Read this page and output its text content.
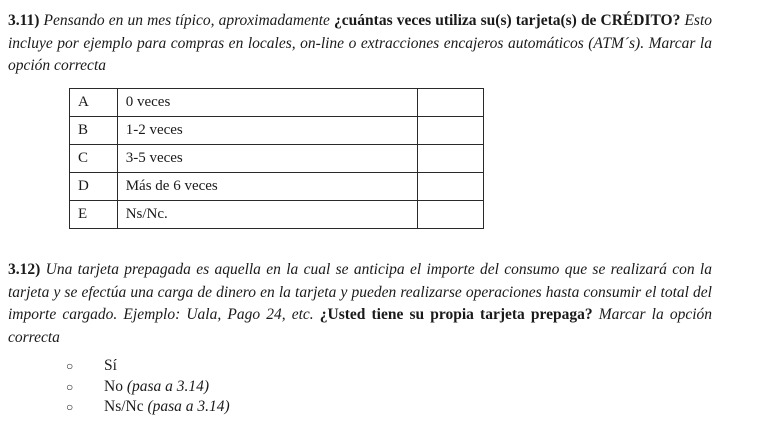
3.11) Pensando en un mes típico, aproximadamente ¿cuántas veces utiliza su(s) tarjeta(s) de CRÉDITO? Esto incluye por ejemplo para compras en locales, on-line o extracciones encajeros automáticos (ATM´s). Marcar la opción correcta

A	0 veces	
B	1-2 veces	
C	3-5 veces	
D	Más de 6 veces	
E	Ns/Nc.	

3.12) Una tarjeta prepagada es aquella en la cual se anticipa el importe del consumo que se realizará con la tarjeta y se efectúa una carga de dinero en la tarjeta y pueden realizarse operaciones hasta consumir el total del importe cargado. Ejemplo: Uala, Pago 24, etc. ¿Usted tiene su propia tarjeta prepaga? Marcar la opción correcta

○	Sí
○	No
(pasa a 3.14)
○	Ns/Nc
(pasa a 3.14)
